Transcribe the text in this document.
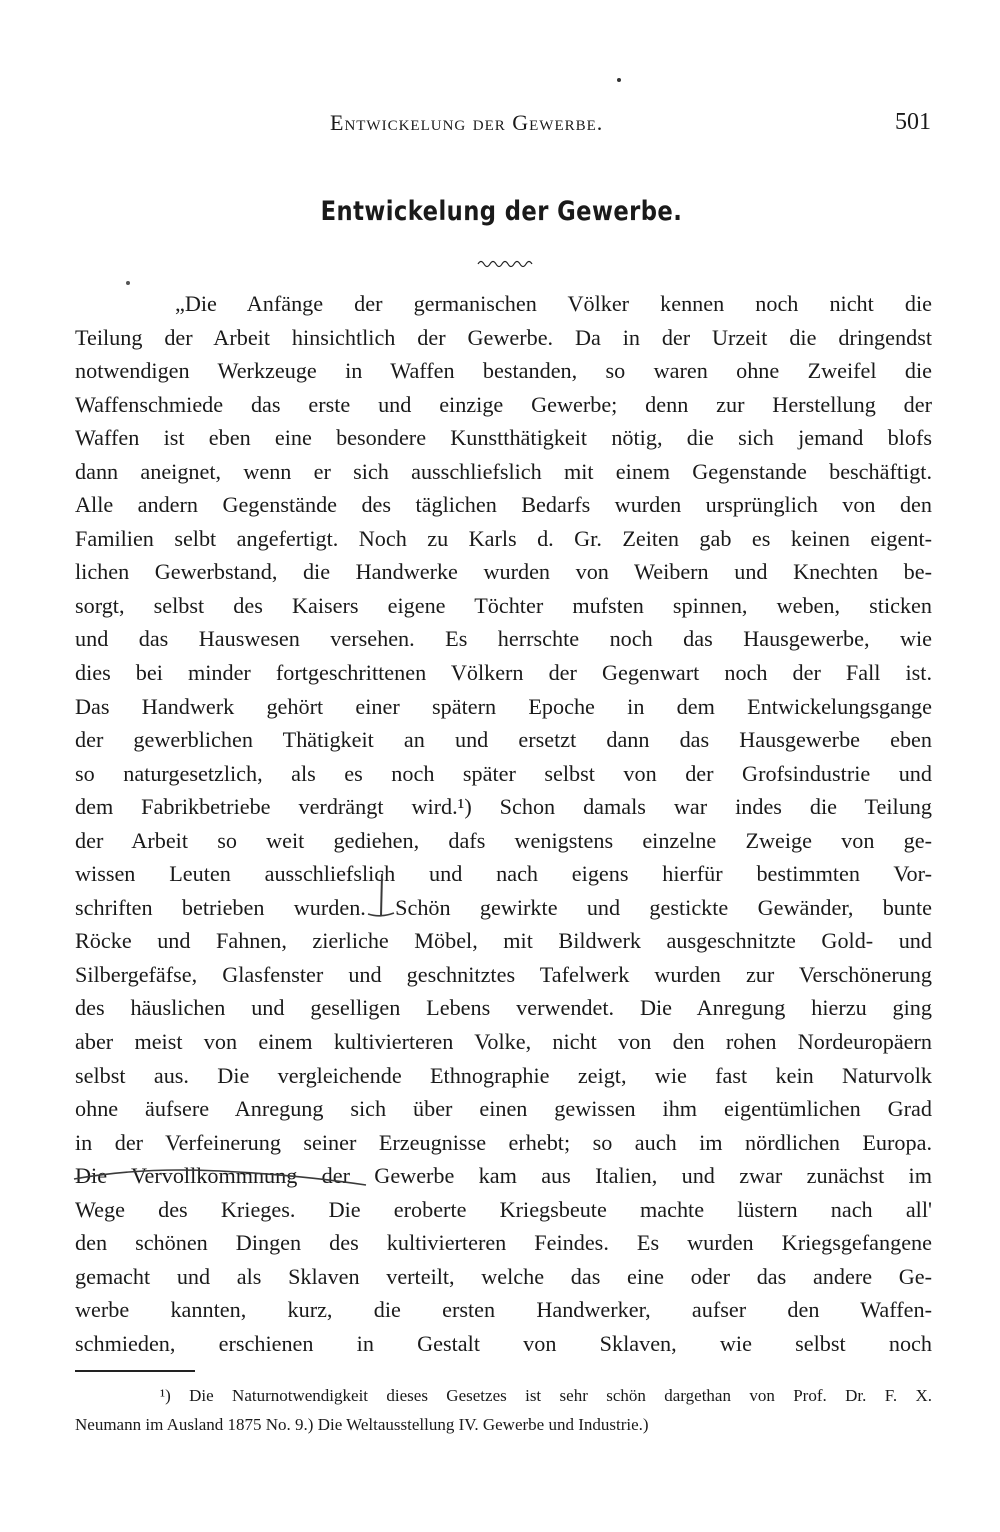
Entwickelung der Gewerbe.	501
Entwickelung der Gewerbe.
„Die Anfänge der germanischen Völker kennen noch nicht die
Teilung der Arbeit hinsichtlich der Gewerbe. Da in der Urzeit die dringendst
notwendigen Werkzeuge in Waffen bestanden, so waren ohne Zweifel die
Waffenschmiede das erste und einzige Gewerbe; denn zur Herstellung der
Waffen ist eben eine besondere Kunstthätigkeit nötig, die sich jemand blofs
dann aneignet, wenn er sich ausschliefslich mit einem Gegenstande beschäftigt.
Alle andern Gegenstände des täglichen Bedarfs wurden ursprünglich von den
Familien selbt angefertigt. Noch zu Karls d. Gr. Zeiten gab es keinen eigent-
lichen Gewerbstand, die Handwerke wurden von Weibern und Knechten be-
sorgt, selbst des Kaisers eigene Töchter mufsten spinnen, weben, sticken
und das Hauswesen versehen. Es herrschte noch das Hausgewerbe, wie
dies bei minder fortgeschrittenen Völkern der Gegenwart noch der Fall ist.
Das Handwerk gehört einer spätern Epoche in dem Entwickelungsgange
der gewerblichen Thätigkeit an und ersetzt dann das Hausgewerbe eben
so naturgesetzlich, als es noch später selbst von der Grofsindustrie und
dem Fabrikbetriebe verdrängt wird.¹) Schon damals war indes die Teilung
der Arbeit so weit gediehen, dafs wenigstens einzelne Zweige von ge-
wissen Leuten ausschliefslich und nach eigens hierfür bestimmten Vor-
schriften betrieben wurden. Schön gewirkte und gestickte Gewänder, bunte
Röcke und Fahnen, zierliche Möbel, mit Bildwerk ausgeschnitzte Gold- und
Silbergefäfse, Glasfenster und geschnitztes Tafelwerk wurden zur Verschönerung
des häuslichen und geselligen Lebens verwendet. Die Anregung hierzu ging
aber meist von einem kultivierteren Volke, nicht von den rohen Nordeuropäern
selbst aus. Die vergleichende Ethnographie zeigt, wie fast kein Naturvolk
ohne äufsere Anregung sich über einen gewissen ihm eigentümlichen Grad
in der Verfeinerung seiner Erzeugnisse erhebt; so auch im nördlichen Europa.
Die Vervollkommnung der Gewerbe kam aus Italien, und zwar zunächst im
Wege des Krieges. Die eroberte Kriegsbeute machte lüstern nach all'
den schönen Dingen des kultivierteren Feindes. Es wurden Kriegsgefangene
gemacht und als Sklaven verteilt, welche das eine oder das andere Ge-
werbe kannten, kurz, die ersten Handwerker, aufser den Waffen-
schmieden, erschienen in Gestalt von Sklaven, wie selbst noch
¹) Die Naturnotwendigkeit dieses Gesetzes ist sehr schön dargethan von Prof. Dr. F. X.
Neumann im Ausland 1875 No. 9.) Die Weltausstellung IV. Gewerbe und Industrie.)
